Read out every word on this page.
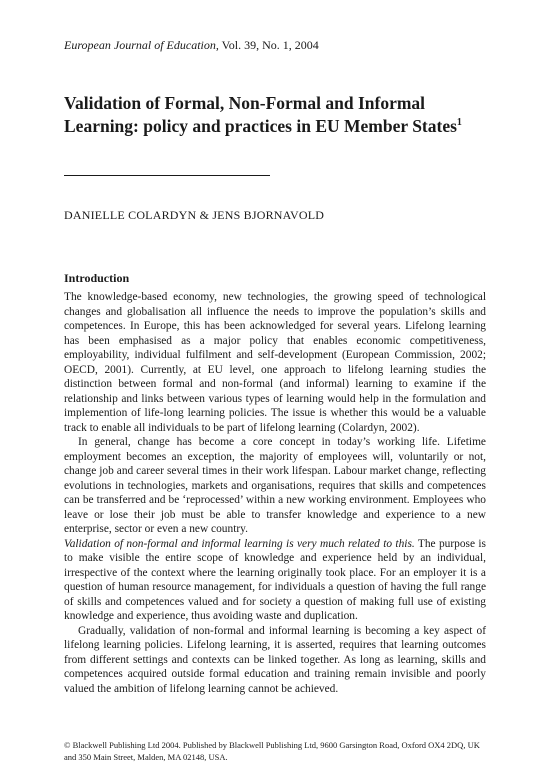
European Journal of Education, Vol. 39, No. 1, 2004
Validation of Formal, Non-Formal and Informal Learning: policy and practices in EU Member States$^1$
DANIELLE COLARDYN & JENS BJORNAVOLD
Introduction

The knowledge-based economy, new technologies, the growing speed of technological changes and globalisation all influence the needs to improve the population’s skills and competences. In Europe, this has been acknowledged for several years. Lifelong learning has been emphasised as a major policy that enables economic competitiveness, employability, individual fulfilment and self-development (European Commission, 2002; OECD, 2001). Currently, at EU level, one approach to lifelong learning studies the distinction between formal and non-formal (and informal) learning to examine if the relationship and links between various types of learning would help in the formulation and implemention of life-long learning policies. The issue is whether this would be a valuable track to enable all individuals to be part of lifelong learning (Colardyn, 2002).

In general, change has become a core concept in today’s working life. Lifetime employment becomes an exception, the majority of employees will, voluntarily or not, change job and career several times in their work lifespan. Labour market change, reflecting evolutions in technologies, markets and organisations, requires that skills and competences can be transferred and be ‘reprocessed’ within a new working environment. Employees who leave or lose their job must be able to transfer knowledge and experience to a new enterprise, sector or even a new country.

Validation of non-formal and informal learning is very much related to this. The purpose is to make visible the entire scope of knowledge and experience held by an individual, irrespective of the context where the learning originally took place. For an employer it is a question of human resource management, for individuals a question of having the full range of skills and competences valued and for society a question of making full use of existing knowledge and experience, thus avoiding waste and duplication.

Gradually, validation of non-formal and informal learning is becoming a key aspect of lifelong learning policies. Lifelong learning, it is asserted, requires that learning outcomes from different settings and contexts can be linked together. As long as learning, skills and competences acquired outside formal education and training remain invisible and poorly valued the ambition of lifelong learning cannot be achieved.

© Blackwell Publishing Ltd 2004. Published by Blackwell Publishing Ltd, 9600 Garsington Road, Oxford OX4 2DQ, UK and 350 Main Street, Malden, MA 02148, USA.
